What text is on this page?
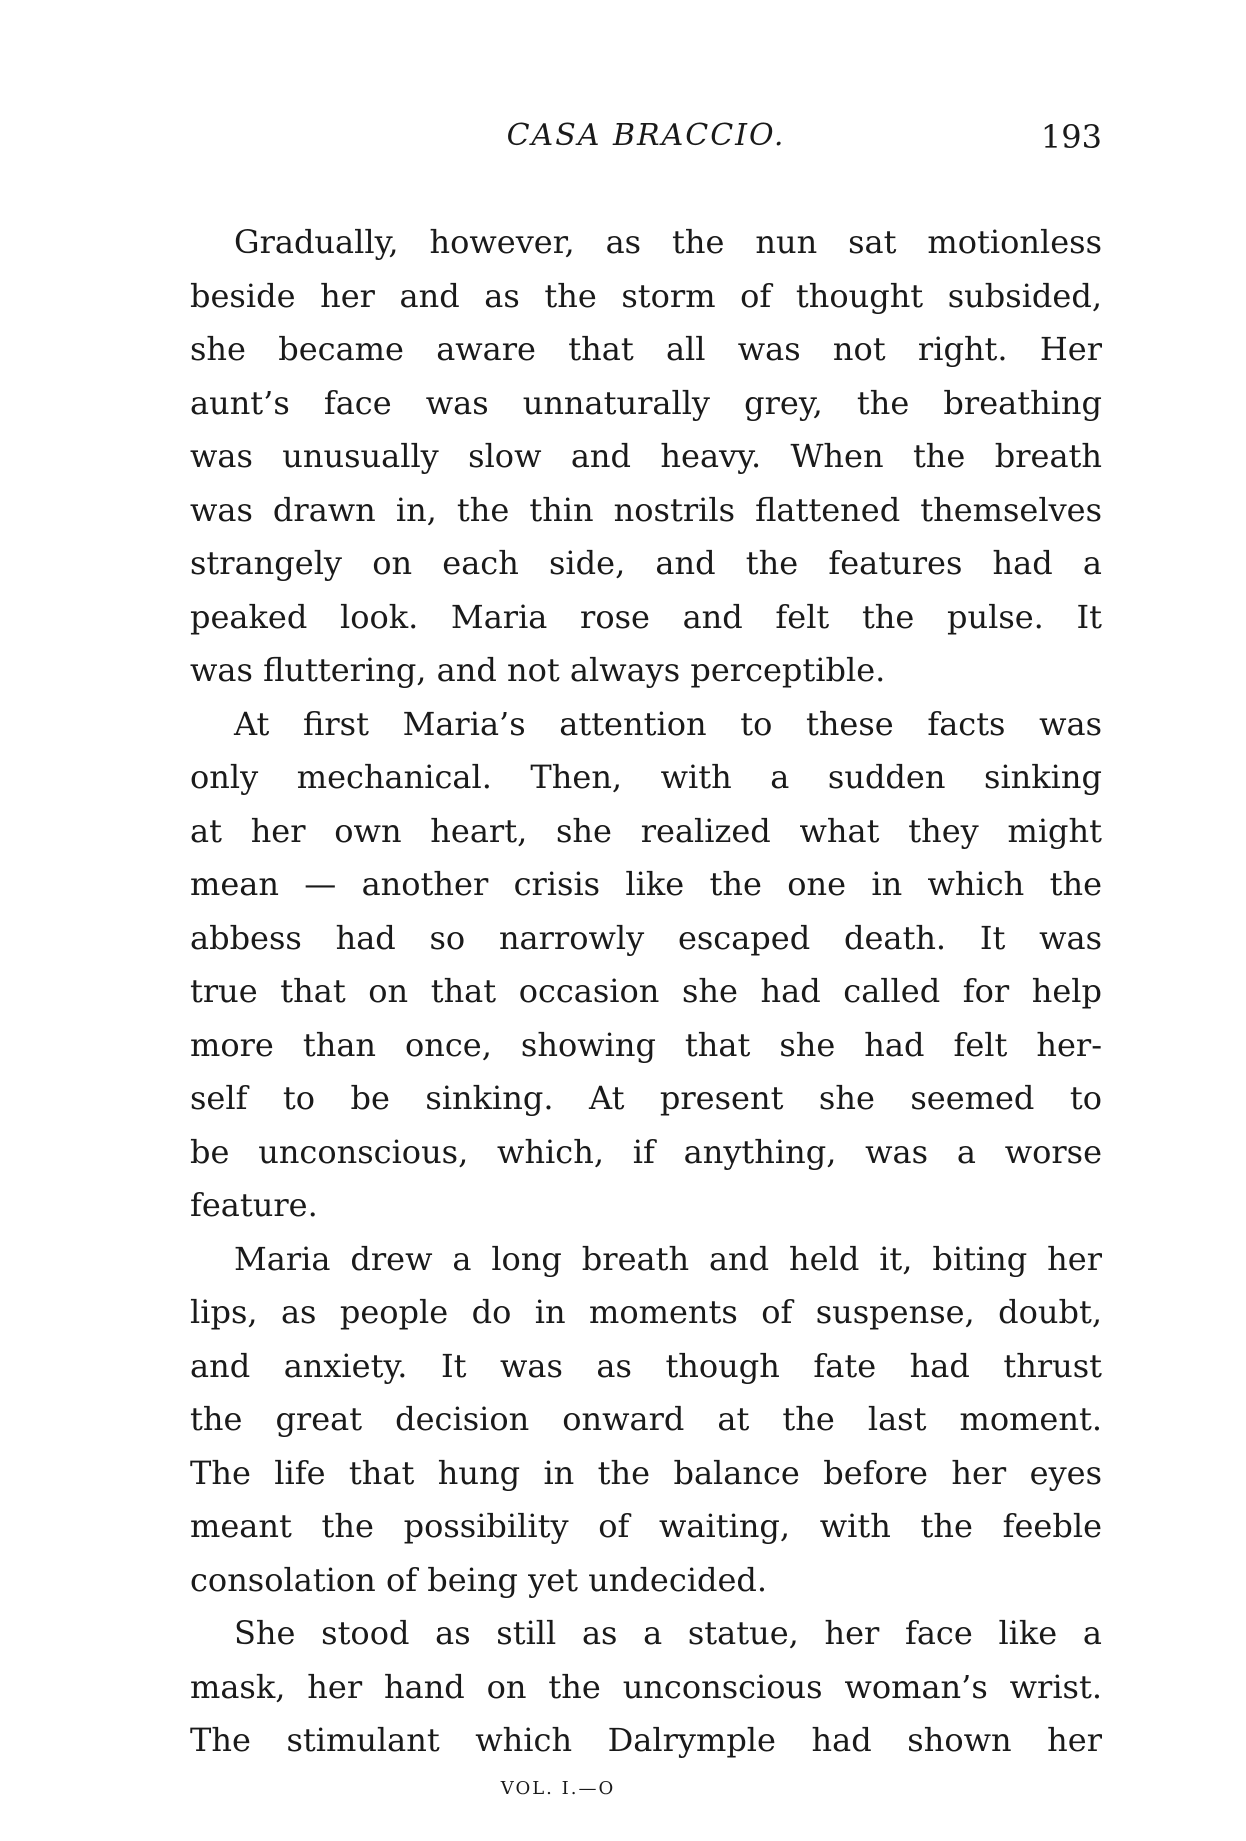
CASA BRACCIO.	193
Gradually, however, as the nun sat motionless
beside her and as the storm of thought subsided,
she became aware that all was not right. Her
aunt’s face was unnaturally grey, the breathing
was unusually slow and heavy. When the breath
was drawn in, the thin nostrils flattened themselves
strangely on each side, and the features had a
peaked look. Maria rose and felt the pulse. It
was fluttering, and not always perceptible.
At first Maria’s attention to these facts was
only mechanical. Then, with a sudden sinking
at her own heart, she realized what they might
mean — another crisis like the one in which the
abbess had so narrowly escaped death. It was
true that on that occasion she had called for help
more than once, showing that she had felt her-
self to be sinking. At present she seemed to
be unconscious, which, if anything, was a worse
feature.
Maria drew a long breath and held it, biting her
lips, as people do in moments of suspense, doubt,
and anxiety. It was as though fate had thrust
the great decision onward at the last moment.
The life that hung in the balance before her eyes
meant the possibility of waiting, with the feeble
consolation of being yet undecided.
She stood as still as a statue, her face like a
mask, her hand on the unconscious woman’s wrist.
The stimulant which Dalrymple had shown her
VOL. I.—O
